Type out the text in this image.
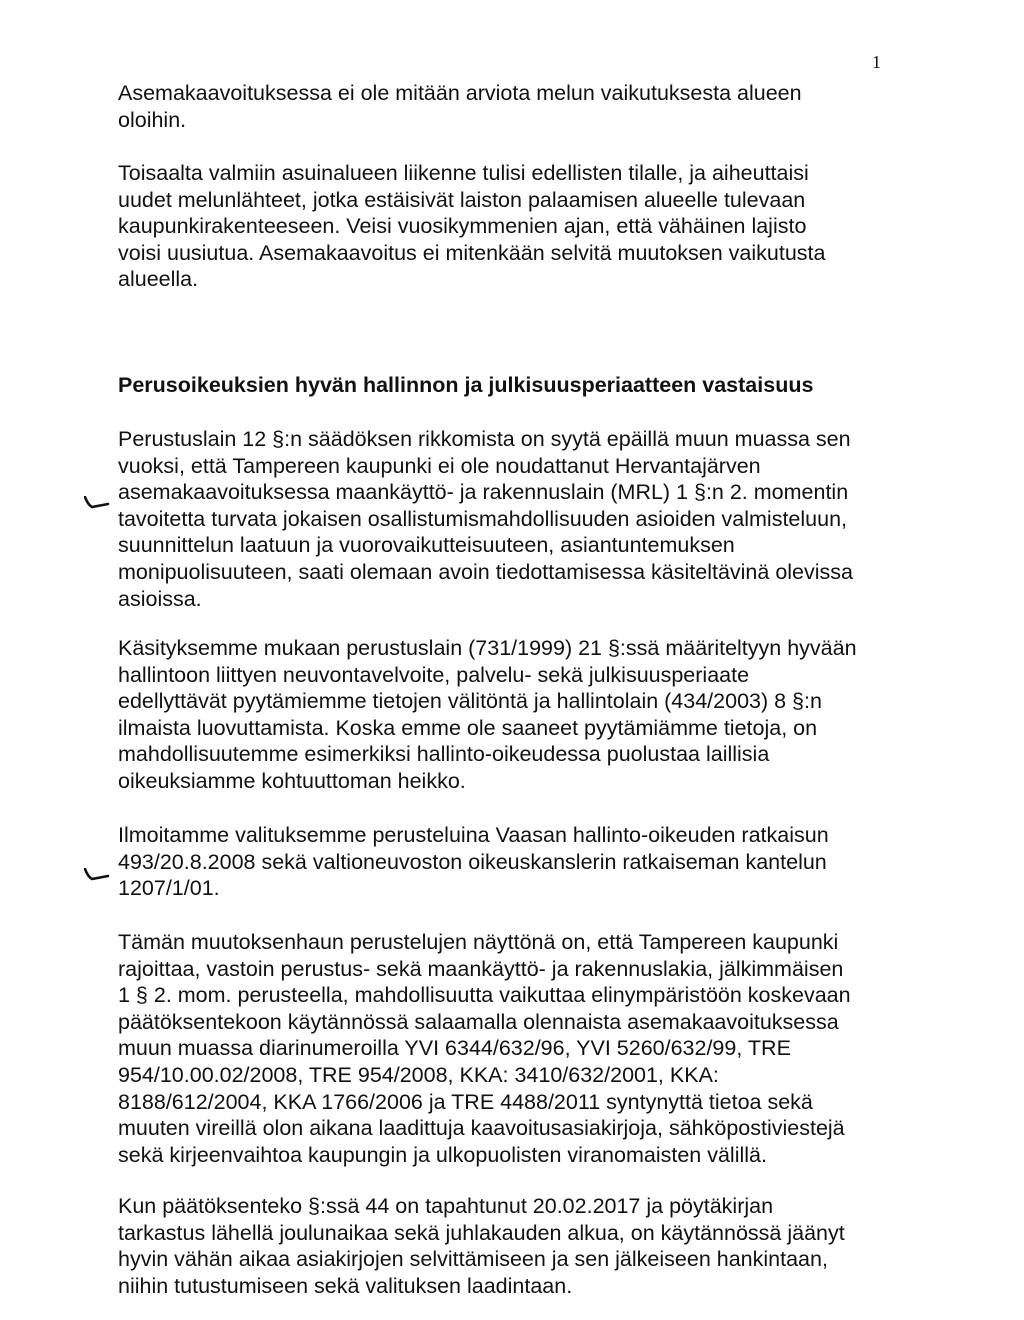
1

Asemakaavoituksessa ei ole mitään arviota melun vaikutuksesta alueen
oloihin.

Toisaalta valmiin asuinalueen liikenne tulisi edellisten tilalle, ja aiheuttaisi
uudet melunlähteet, jotka estäisivät laiston palaamisen alueelle tulevaan
kaupunkirakenteeseen. Veisi vuosikymmenien ajan, että vähäinen lajisto
voisi uusiutua. Asemakaavoitus ei mitenkään selvitä muutoksen vaikutusta
alueella.

Perusoikeuksien hyvän hallinnon ja julkisuusperiaatteen vastaisuus

Perustuslain 12 §:n säädöksen rikkomista on syytä epäillä muun muassa sen
vuoksi, että Tampereen kaupunki ei ole noudattanut Hervantajärven
asemakaavoituksessa maankäyttö- ja rakennuslain (MRL) 1 §:n 2. momentin
tavoitetta turvata jokaisen osallistumismahdollisuuden asioiden valmisteluun,
suunnittelun laatuun ja vuorovaikutteisuuteen, asiantuntemuksen
monipuolisuuteen, saati olemaan avoin tiedottamisessa käsiteltävinä olevissa
asioissa.

Käsityksemme mukaan perustuslain (731/1999) 21 §:ssä määriteltyyn hyvään
hallintoon liittyen neuvontavelvoite, palvelu- sekä julkisuusperiaate
edellyttävät pyytämiemme tietojen välitöntä ja hallintolain (434/2003) 8 §:n
ilmaista luovuttamista. Koska emme ole saaneet pyytämiämme tietoja, on
mahdollisuutemme esimerkiksi hallinto-oikeudessa puolustaa laillisia
oikeuksiamme kohtuuttoman heikko.

Ilmoitamme valituksemme perusteluina Vaasan hallinto-oikeuden ratkaisun
493/20.8.2008 sekä valtioneuvoston oikeuskanslerin ratkaiseman kantelun
1207/1/01.

Tämän muutoksenhaun perustelujen näyttönä on, että Tampereen kaupunki
rajoittaa, vastoin perustus- sekä maankäyttö- ja rakennuslakia, jälkimmäisen
1 § 2. mom. perusteella, mahdollisuutta vaikuttaa elinympäristöön koskevaan
päätöksentekoon käytännössä salaamalla olennaista asemakaavoituksessa
muun muassa diarinumeroilla YVI 6344/632/96, YVI 5260/632/99, TRE
954/10.00.02/2008, TRE 954/2008, KKA: 3410/632/2001, KKA:
8188/612/2004, KKA 1766/2006 ja TRE 4488/2011 syntynyttä tietoa sekä
muuten vireillä olon aikana laadittuja kaavoitusasiakirjoja, sähköpostiviestejä
sekä kirjeenvaihtoa kaupungin ja ulkopuolisten viranomaisten välillä.

Kun päätöksenteko §:ssä 44 on tapahtunut 20.02.2017 ja pöytäkirjan
tarkastus lähellä joulunaikaa sekä juhlakauden alkua, on käytännössä jäänyt
hyvin vähän aikaa asiakirjojen selvittämiseen ja sen jälkeiseen hankintaan,
niihin tutustumiseen sekä valituksen laadintaan.
